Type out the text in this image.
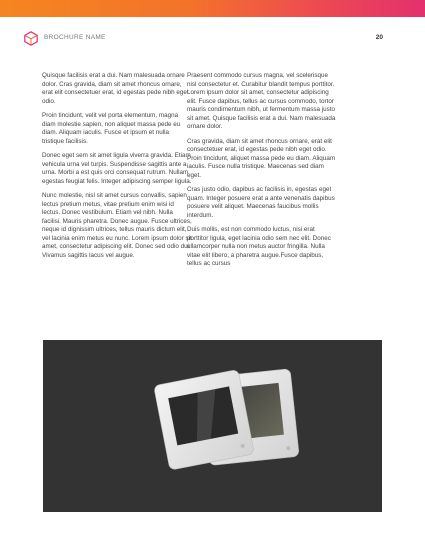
BROCHURE NAME	20

Quisque facilisis erat a dui. Nam malesuada ornare dolor. Cras gravida, diam sit amet rhoncus ornare, erat elit consectetuer erat, id egestas pede nibh eget odio.

Proin tincidunt, velit vel porta elementum, magna diam molestie sapien, non aliquet massa pede eu diam. Aliquam iaculis. Fusce et ipsum et nulla tristique facilisis.

Donec eget sem sit amet ligula viverra gravida. Etiam vehicula urna vel turpis. Suspendisse sagittis ante a urna. Morbi a est quis orci consequat rutrum. Nullam egestas feugiat felis. Integer adipiscing semper ligula.

Nunc molestie, nisl sit amet cursus convallis, sapien lectus pretium metus, vitae pretium enim wisi id lectus. Donec vestibulum. Etiam vel nibh. Nulla facilisi. Mauris pharetra. Donec augue. Fusce ultrices, neque id dignissim ultrices, tellus mauris dictum elit, vel lacinia enim metus eu nunc. Lorem ipsum dolor sit amet, consectetur adipiscing elit. Donec sed odio dui. Vivamus sagittis lacus vel augue.

Praesent commodo cursus magna, vel scelerisque nisl consectetur et. Curabitur blandit tempus porttitor. Lorem ipsum dolor sit amet, consectetur adipiscing elit. Fusce dapibus, tellus ac cursus commodo, tortor mauris condimentum nibh, ut fermentum massa justo sit amet. Quisque facilisis erat a dui. Nam malesuada ornare dolor.

Cras gravida, diam sit amet rhoncus ornare, erat elit consectetuer erat, id egestas pede nibh eget odio. Proin tincidunt, aliquet massa pede eu diam. Aliquam iaculis. Fusce nulla tristique. Maecenas sed diam eget.

Cras justo odio, dapibus ac facilisis in, egestas eget quam. Integer posuere erat a ante venenatis dapibus posuere velit aliquet. Maecenas faucibus mollis interdum.

Duis mollis, est non commodo luctus, nisi erat porttitor ligula, eget lacinia odio sem nec elit. Donec ullamcorper nulla non metus auctor fringilla. Nulla vitae elit libero, a pharetra augue.Fusce dapibus, tellus ac cursus
